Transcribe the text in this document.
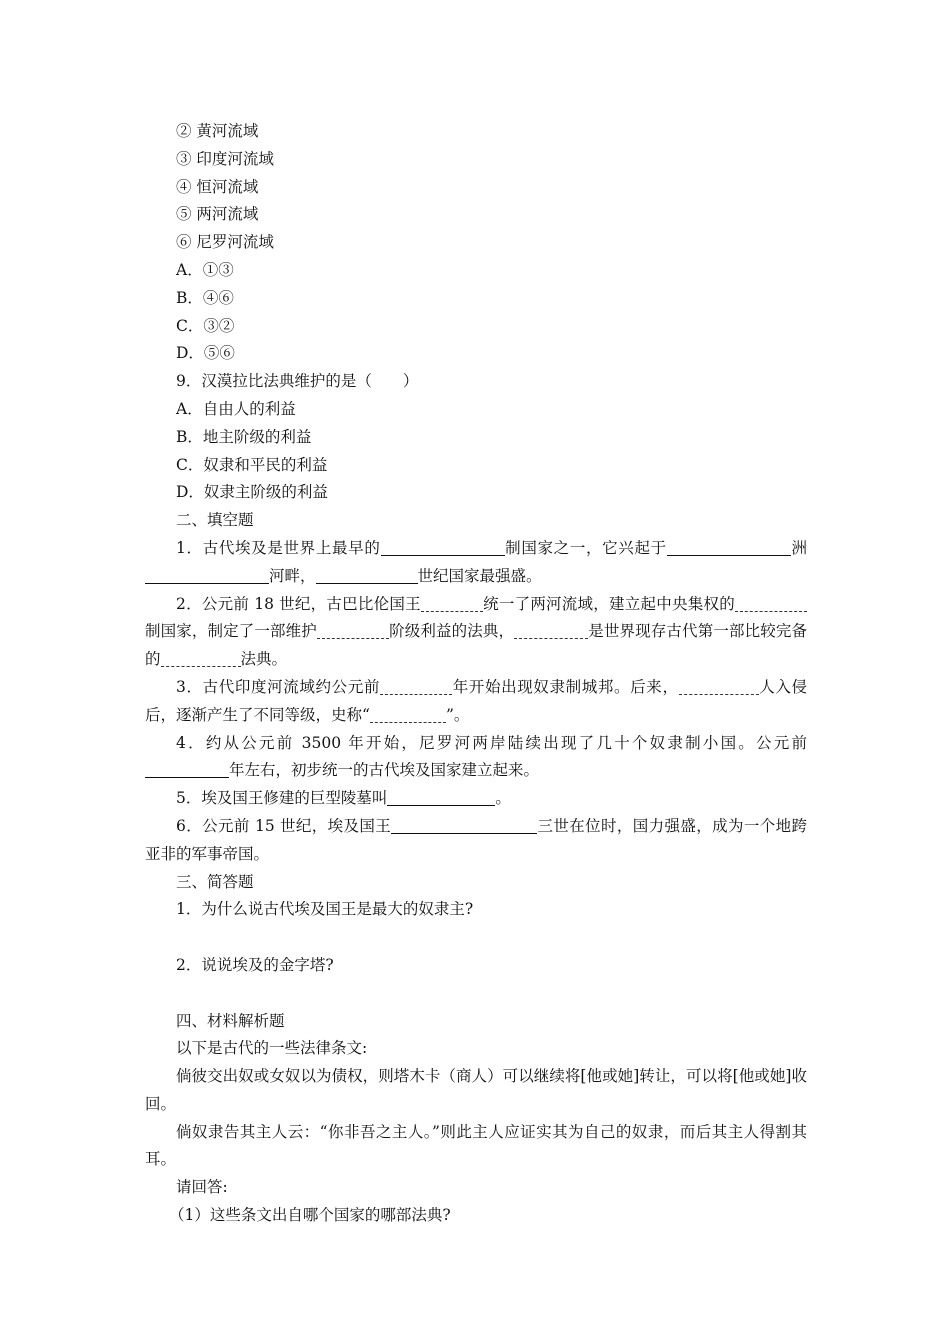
② 黄河流域
③ 印度河流域
④ 恒河流域
⑤ 两河流域
⑥ 尼罗河流域
A．①③
B．④⑥
C．③②
D．⑤⑥
9．汉漠拉比法典维护的是（　　）
A．自由人的利益
B．地主阶级的利益
C．奴隶和平民的利益
D．奴隶主阶级的利益
二、填空题
1．古代埃及是世界上最早的	制国家之一，它兴起于	洲河畔，	世纪国家最强盛。
2．公元前 18 世纪，古巴比伦国王	统一了两河流域，建立起中央集权的制国家，制定了一部维护	阶级利益的法典，	是世界现存古代第一部比较完备的	法典。
3．古代印度河流域约公元前	年开始出现奴隶制城邦。后来，	人入侵后，逐渐产生了不同等级，史称“	”。
4．约从公元前 3500 年开始，尼罗河两岸陆续出现了几十个奴隶制小国。公元前年左右，初步统一的古代埃及国家建立起来。
5．埃及国王修建的巨型陵墓叫	。
6．公元前 15 世纪，埃及国王	三世在位时，国力强盛，成为一个地跨亚非的军事帝国。
三、简答题
1．为什么说古代埃及国王是最大的奴隶主?
2．说说埃及的金字塔?
四、材料解析题
以下是古代的一些法律条文:
倘彼交出奴或女奴以为债权，则塔木卡（商人）可以继续将[他或她]转让，可以将[他或她]收回。
倘奴隶告其主人云：“你非吾之主人。”则此主人应证实其为自己的奴隶，而后其主人得割其耳。
请回答:
（1）这些条文出自哪个国家的哪部法典?
